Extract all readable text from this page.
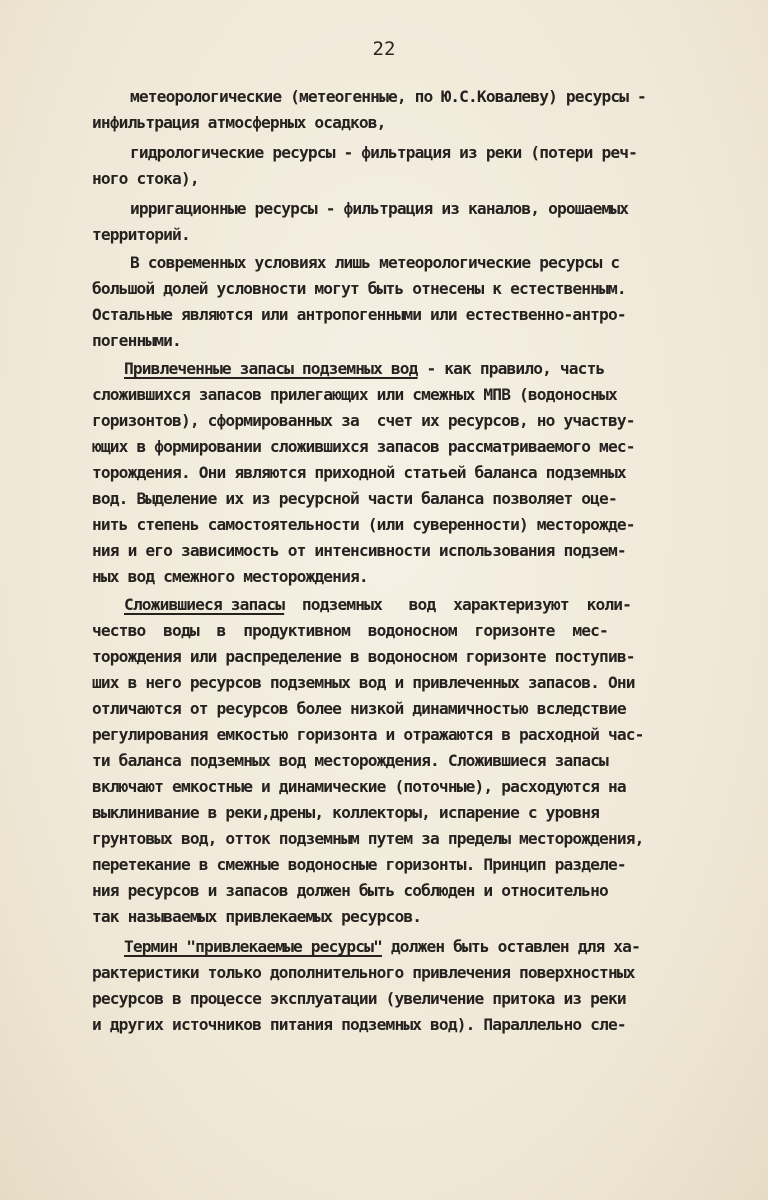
22
метеорологические (метеогенные, по Ю.С.Ковалеву) ресурсы -
инфильтрация атмосферных осадков,
гидрологические ресурсы - фильтрация из реки (потери реч-
ного стока),
ирригационные ресурсы - фильтрация из каналов, орошаемых
территорий.
В современных условиях лишь метеорологические ресурсы с
большой долей условности могут быть отнесены к естественным.
Остальные являются или антропогенными или естественно-антро-
погенными.
Привлеченные запасы подземных вод - как правило, часть
сложившихся запасов прилегающих или смежных МПВ (водоносных
горизонтов), сформированных за  счет их ресурсов, но участву-
ющих в формировании сложившихся запасов рассматриваемого мес-
торождения. Они являются приходной статьей баланса подземных
вод. Выделение их из ресурсной части баланса позволяет оце-
нить степень самостоятельности (или суверенности) месторожде-
ния и его зависимость от интенсивности использования подзем-
ных вод смежного месторождения.
Сложившиеся запасы  подземных   вод  характеризуют  коли-
чество  воды  в  продуктивном  водоносном  горизонте  мес-
торождения или распределение в водоносном горизонте поступив-
ших в него ресурсов подземных вод и привлеченных запасов. Они
отличаются от ресурсов более низкой динамичностью вследствие
регулирования емкостью горизонта и отражаются в расходной час-
ти баланса подземных вод месторождения. Сложившиеся запасы
включают емкостные и динамические (поточные), расходуются на
выклинивание в реки,дрены, коллекторы, испарение с уровня
грунтовых вод, отток подземным путем за пределы месторождения,
перетекание в смежные водоносные горизонты. Принцип разделе-
ния ресурсов и запасов должен быть соблюден и относительно
так называемых привлекаемых ресурсов.
Термин "привлекаемые ресурсы" должен быть оставлен для ха-
рактеристики только дополнительного привлечения поверхностных
ресурсов в процессе эксплуатации (увеличение притока из реки
и других источников питания подземных вод). Параллельно сле-
